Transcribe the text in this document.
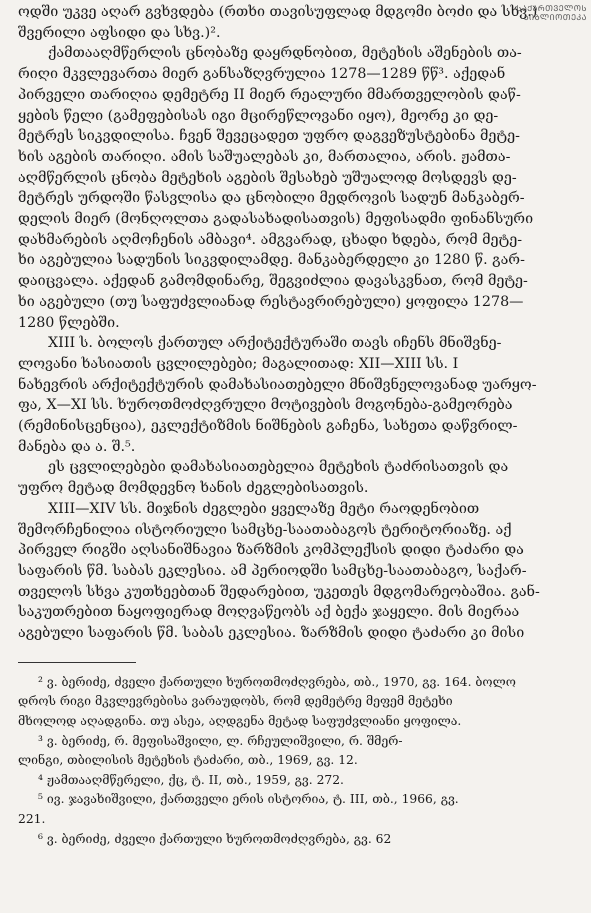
ᲡᲐᲥᲐᲠᲗᲕᲔᲚᲝᲡ
ᲑᲘᲑᲚᲘᲝᲗᲔᲙᲐ
ოდში უკვე აღარ გვხვდება (რთხი თავისუფლად მდგომი ბოძი და სხვ.)
შვერილი აფსიდი და სხვ.)².
ქამთააღმწერლის ცნობაზე დაყრდნობით, მეტეხის აშენების თა-
რიღი მკვლევართა მიერ განსაზღვრულია 1278—1289 წწ³. აქედან
პირველი თარიღია დემეტრე II მიერ რეალური მმართველობის დაწ-
ყების წელი (გამეფებისას იგი მცირეწლოვანი იყო), მეორე კი დე-
მეტრეს სიკვდილისა. ჩვენ შევეცადეთ უფრო დაგვეზუსტებინა მეტე-
ხის აგების თარიღი. ამის საშუალებას კი, მართალია, არის. ჟამთა-
აღმწერლის ცნობა მეტეხის აგების შესახებ უშუალოდ მოსდევს დე-
მეტრეს ურდოში წასვლისა და ცნობილი მედროვის სადუნ მანკაბერ-
დელის მიერ (მონღოლთა გადასახადისათვის) მეფისადმი ფინანსური
დახმარების აღმოჩენის ამბავი⁴. ამგვარად, ცხადი ხდება, რომ მეტე-
ხი აგებულია სადუნის სიკვდილამდე. მანკაბერდელი კი 1280 წ. გარ-
დაიცვალა. აქედან გამომდინარე, შეგვიძლია დავასკვნათ, რომ მეტე-
ხი აგებული (თუ საფუძვლიანად რესტავრირებული) ყოფილა 1278—
1280 წლებში.
XIII ს. ბოლოს ქართულ არქიტექტურაში თავს იჩენს მნიშვნე-
ლოვანი ხასიათის ცვლილებები; მაგალითად: XII—XIII სს. I
ნახევრის არქიტექტურის დამახასიათებელი მნიშვნელოვანად უარყო-
ფა, X—XI სს. ხუროთმოძღვრული მოტივების მოგონება-გამეორება
(რემინისცენცია), ეკლექტიზმის ნიშნების გაჩენა, სახეთა დაწვრილ-
მანება და ა. შ.⁵.
ეს ცვლილებები დამახასიათებელია მეტეხის ტაძრისათვის და
უფრო მეტად მომდევნო ხანის ძეგლებისათვის.
XIII—XIV სს. მიჯნის ძეგლები ყველაზე მეტი რაოდენობით
შემორჩენილია ისტორიული სამცხე-საათაბაგოს ტერიტორიაზე. აქ
პირველ რიგში აღსანიშნავია ზარზმის კომპლექსის დიდი ტაძარი და
საფარის წმ. საბას ეკლესია. ამ პერიოდში სამცხე-საათაბაგო, საქარ-
თველოს სხვა კუთხეებთან შედარებით, უკეთეს მდგომარეობაშია. გან-
საკუთრებით ნაყოფიერად მოღვაწეობს აქ ბექა ჯაყელი. მის მიერაა
აგებული საფარის წმ. საბას ეკლესია. ზარზმის დიდი ტაძარი კი მისი
² ვ. ბერიძე, ძველი ქართული ხუროთმოძღვრება, თბ., 1970, გვ. 164. ბოლო
დროს რიგი მკვლევრებისა ვარაუდობს, რომ დემეტრე მეფემ მეტეხი
მხოლოდ აღადგინა. თუ ასეა, აღდგენა მეტად საფუძვლიანი ყოფილა.
³ ვ. ბერიძე, რ. მეფისაშვილი, ლ. რჩეულიშვილი, რ. შმერ-
ლინგი, თბილისის მეტეხის ტაძარი, თბ., 1969, გვ. 12.
⁴ ჟამთააღმწერელი, ქც, ტ. II, თბ., 1959, გვ. 272.
⁵ ივ. ჯავახიშვილი, ქართველი ერის ისტორია, ტ. III, თბ., 1966, გვ.
221.
⁶ ვ. ბერიძე, ძველი ქართული ხუროთმოძღვრება, გვ. 62
